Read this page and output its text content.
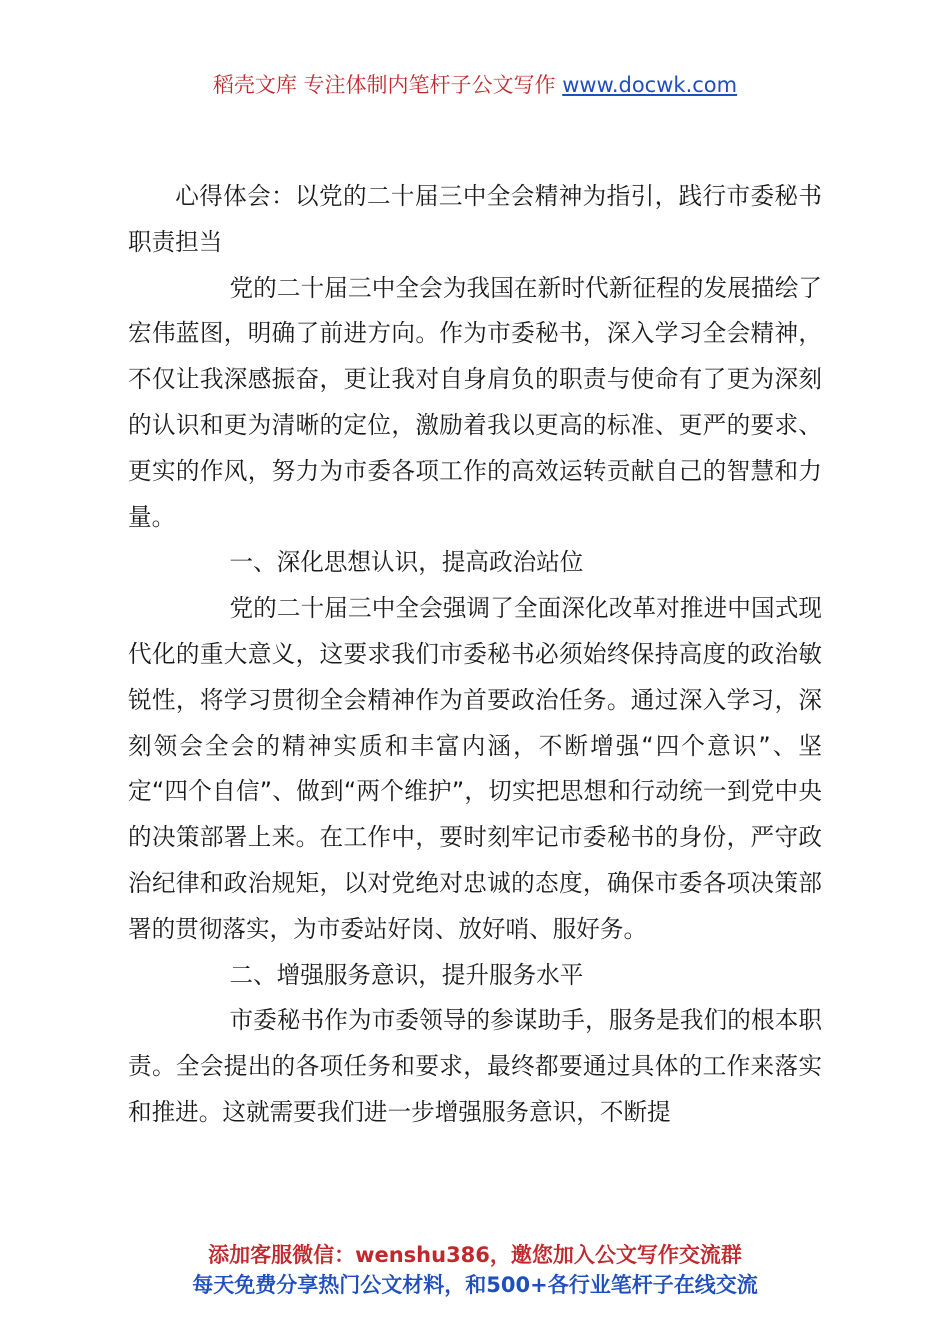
稻壳文库 专注体制内笔杆子公文写作 www.docwk.com

心得体会：以党的二十届三中全会精神为指引，践行市委秘书职责担当

党的二十届三中全会为我国在新时代新征程的发展描绘了宏伟蓝图，明确了前进方向。作为市委秘书，深入学习全会精神，不仅让我深感振奋，更让我对自身肩负的职责与使命有了更为深刻的认识和更为清晰的定位，激励着我以更高的标准、更严的要求、更实的作风，努力为市委各项工作的高效运转贡献自己的智慧和力量。

一、深化思想认识，提高政治站位

党的二十届三中全会强调了全面深化改革对推进中国式现代化的重大意义，这要求我们市委秘书必须始终保持高度的政治敏锐性，将学习贯彻全会精神作为首要政治任务。通过深入学习，深刻领会全会的精神实质和丰富内涵，不断增强“四个意识”、坚定“四个自信”、做到“两个维护”，切实把思想和行动统一到党中央的决策部署上来。在工作中，要时刻牢记市委秘书的身份，严守政治纪律和政治规矩，以对党绝对忠诚的态度，确保市委各项决策部署的贯彻落实，为市委站好岗、放好哨、服好务。

二、增强服务意识，提升服务水平

市委秘书作为市委领导的参谋助手，服务是我们的根本职责。全会提出的各项任务和要求，最终都要通过具体的工作来落实和推进。这就需要我们进一步增强服务意识，不断提

添加客服微信：wenshu386，邀您加入公文写作交流群
每天免费分享热门公文材料，和500+各行业笔杆子在线交流
